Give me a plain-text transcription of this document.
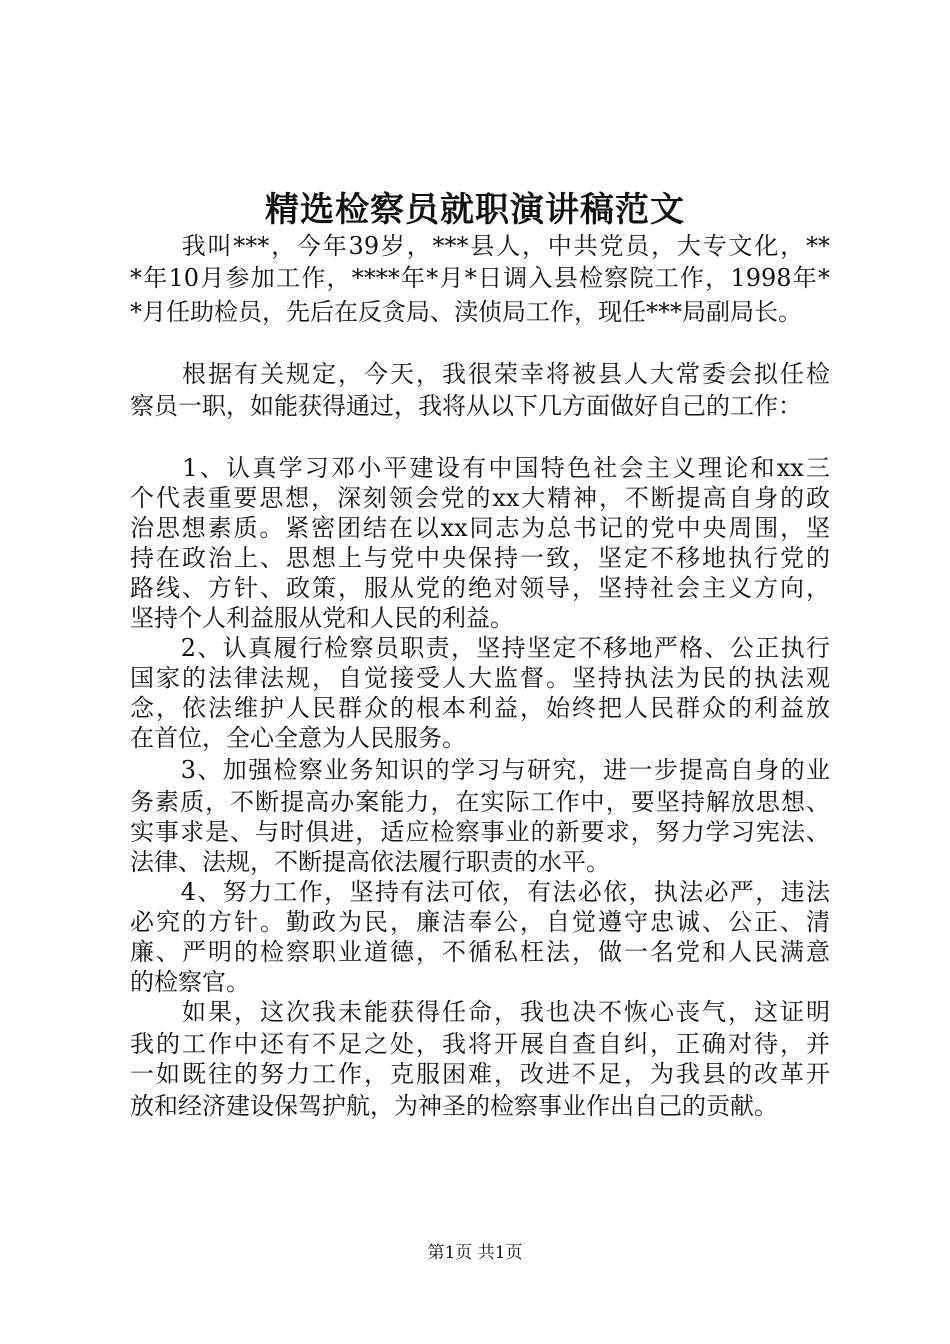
精选检察员就职演讲稿范文
　　我叫***，今年39岁，***县人，中共党员，大专文化，**
*年10月参加工作，****年*月*日调入县检察院工作，1998年*
*月任助检员，先后在反贪局、渎侦局工作，现任***局副局长。
　　根据有关规定，今天，我很荣幸将被县人大常委会拟任检
察员一职，如能获得通过，我将从以下几方面做好自己的工作：
　　1、认真学习邓小平建设有中国特色社会主义理论和xx三
个代表重要思想，深刻领会党的xx大精神，不断提高自身的政
治思想素质。紧密团结在以xx同志为总书记的党中央周围，坚
持在政治上、思想上与党中央保持一致，坚定不移地执行党的
路线、方针、政策，服从党的绝对领导，坚持社会主义方向，
坚持个人利益服从党和人民的利益。
　　2、认真履行检察员职责，坚持坚定不移地严格、公正执行
国家的法律法规，自觉接受人大监督。坚持执法为民的执法观
念，依法维护人民群众的根本利益，始终把人民群众的利益放
在首位，全心全意为人民服务。
　　3、加强检察业务知识的学习与研究，进一步提高自身的业
务素质，不断提高办案能力，在实际工作中，要坚持解放思想、
实事求是、与时俱进，适应检察事业的新要求，努力学习宪法、
法律、法规，不断提高依法履行职责的水平。
　　4、努力工作，坚持有法可依，有法必依，执法必严，违法
必究的方针。勤政为民，廉洁奉公，自觉遵守忠诚、公正、清
廉、严明的检察职业道德，不循私枉法，做一名党和人民满意
的检察官。
　　如果，这次我未能获得任命，我也决不恢心丧气，这证明
我的工作中还有不足之处，我将开展自查自纠，正确对待，并
一如既往的努力工作，克服困难，改进不足，为我县的改革开
放和经济建设保驾护航，为神圣的检察事业作出自己的贡献。

第1页 共1页
